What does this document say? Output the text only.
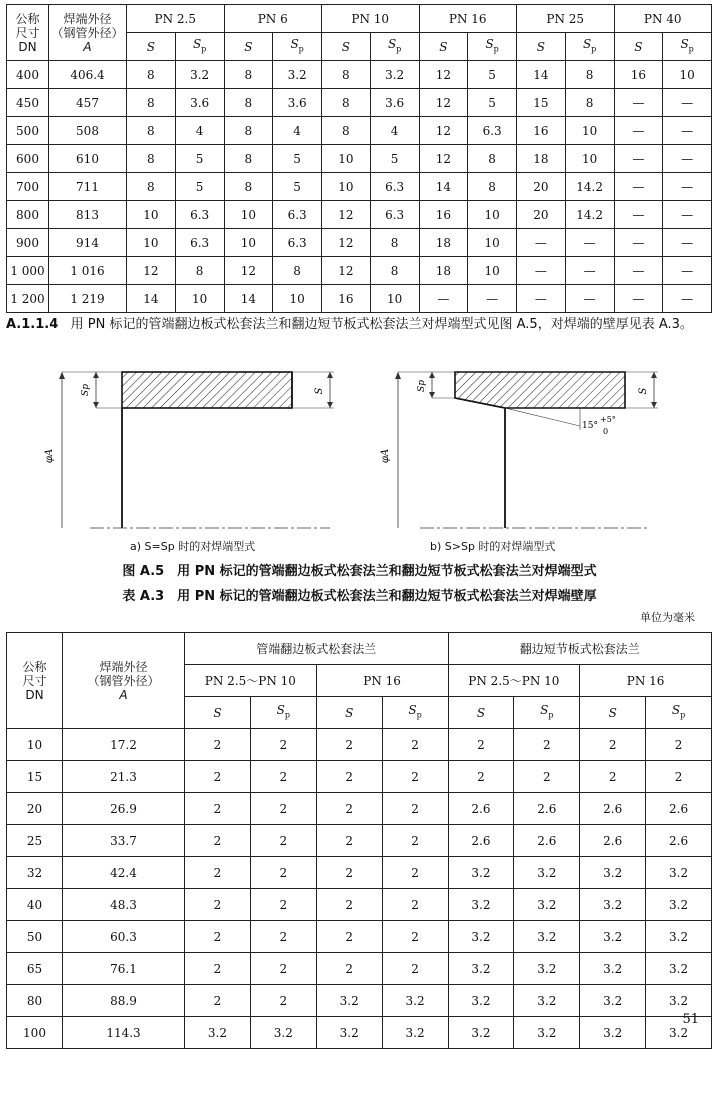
公称
尺寸
DN	焊端外径
（钢管外径）
A	PN 2.5		PN 6		PN 10		PN 16		PN 25		PN 40	
		S	$S_p$	S	$S_p$	S	$S_p$	S	$S_p$	S	$S_p$	S	$S_p$
400	406.4	8	3.2	8	3.2	8	3.2	12	5	14	8	16	10
450	457	8	3.6	8	3.6	8	3.6	12	5	15	8	—	—
500	508	8	4	8	4	8	4	12	6.3	16	10	—	—
600	610	8	5	8	5	10	5	12	8	18	10	—	—
700	711	8	5	8	5	10	6.3	14	8	20	14.2	—	—
800	813	10	6.3	10	6.3	12	6.3	16	10	20	14.2	—	—
900	914	10	6.3	10	6.3	12	8	18	10	—	—	—	—
1 000	1 016	12	8	12	8	12	8	18	10	—	—	—	—
1 200	1 219	14	10	14	10	16	10	—	—	—	—	—	—
A.1.1.4 用 PN 标记的管端翻边板式松套法兰和翻边短节板式松套法兰对焊端型式见图 A.5，对焊端的壁厚见表 A.3。
φA
Sp	S
φA
Sp	S
15°
+5°
0
a) S=Sp 时的对焊端型式	b) S>Sp 时的对焊端型式
图 A.5　用 PN 标记的管端翻边板式松套法兰和翻边短节板式松套法兰对焊端型式
表 A.3　用 PN 标记的管端翻边板式松套法兰和翻边短节板式松套法兰对焊端壁厚
单位为毫米
公称
尺寸
DN	焊端外径
（钢管外径）
A	管端翻边板式松套法兰				翻边短节板式松套法兰			
		PN 2.5～PN 10		PN 16		PN 2.5～PN 10		PN 16	
		S	$S_p$	S	$S_p$	S	$S_p$	S	$S_p$
10	17.2	2	2	2	2	2	2	2	2
15	21.3	2	2	2	2	2	2	2	2
20	26.9	2	2	2	2	2.6	2.6	2.6	2.6
25	33.7	2	2	2	2	2.6	2.6	2.6	2.6
32	42.4	2	2	2	2	3.2	3.2	3.2	3.2
40	48.3	2	2	2	2	3.2	3.2	3.2	3.2
50	60.3	2	2	2	2	3.2	3.2	3.2	3.2
65	76.1	2	2	2	2	3.2	3.2	3.2	3.2
80	88.9	2	2	3.2	3.2	3.2	3.2	3.2	3.2
100	114.3	3.2	3.2	3.2	3.2	3.2	3.2	3.2	3.2
51
